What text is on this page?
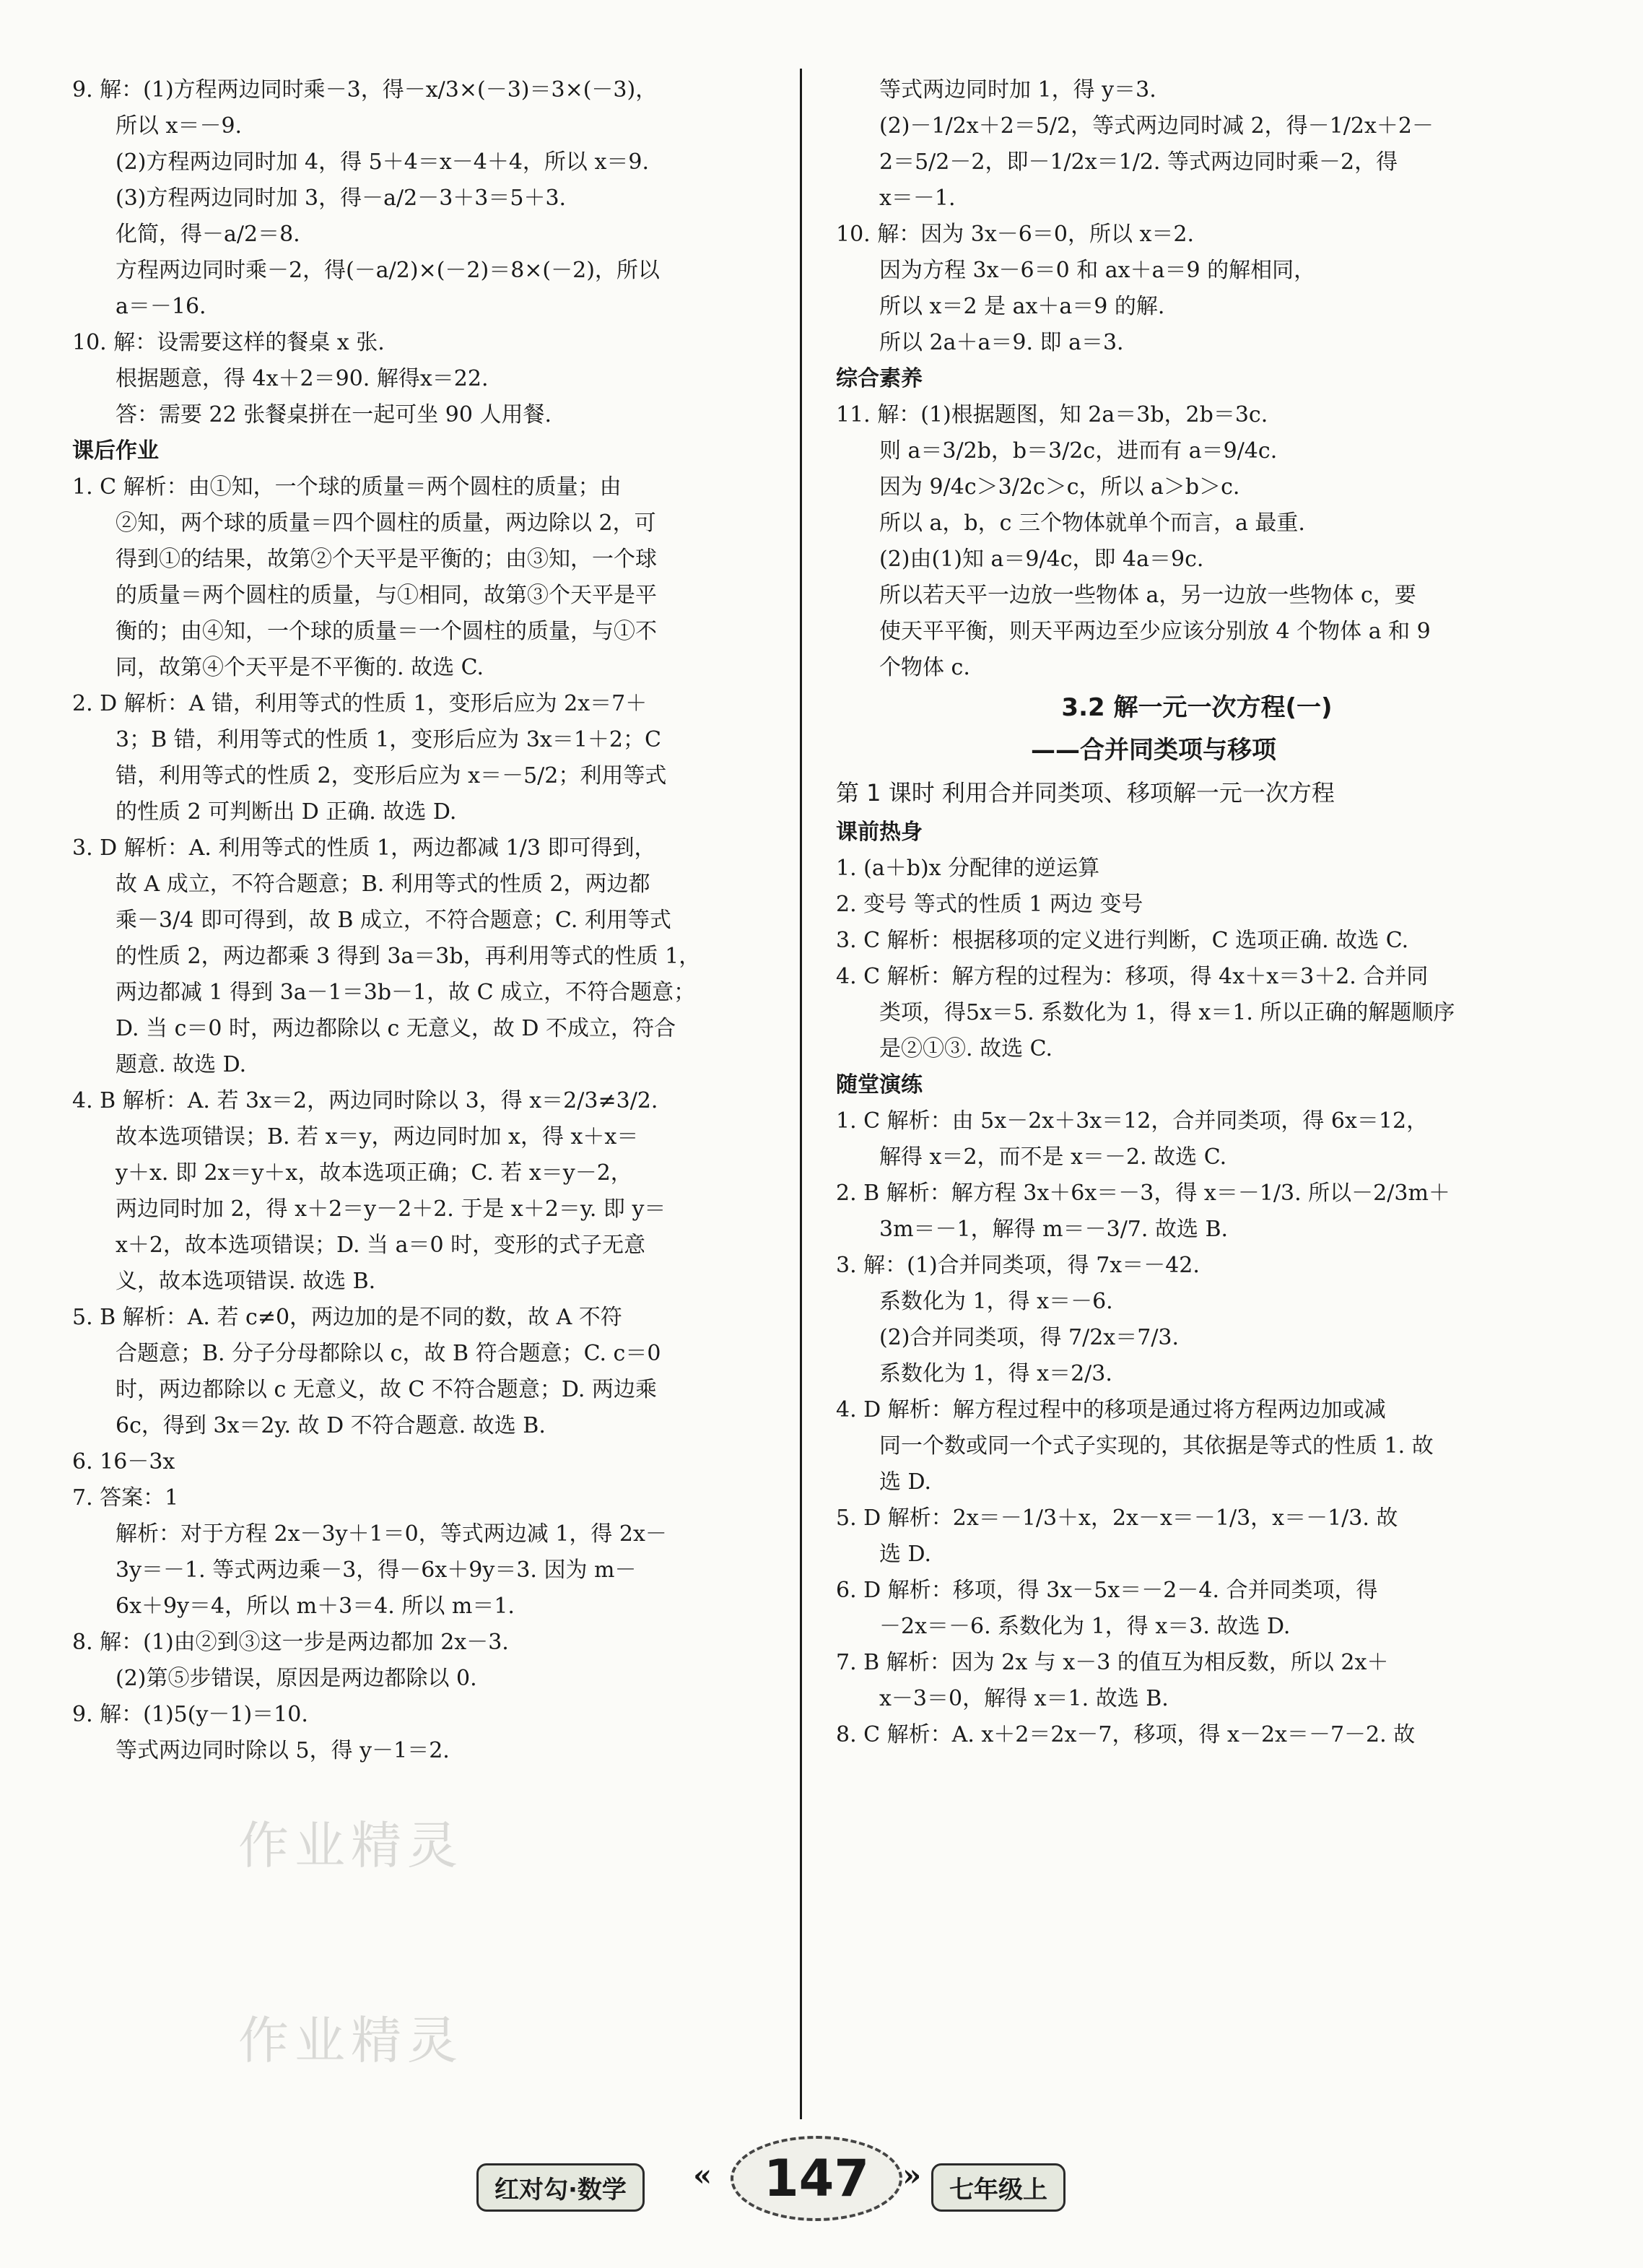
9. 解：(1)方程两边同时乘－3，得－x/3×(－3)＝3×(－3)，
所以 x＝－9.
(2)方程两边同时加 4，得 5＋4＝x－4＋4，所以 x＝9.
(3)方程两边同时加 3，得－a/2－3＋3＝5＋3.
化简，得－a/2＝8.
方程两边同时乘－2，得(－a/2)×(－2)＝8×(－2)，所以
a＝－16.
10. 解：设需要这样的餐桌 x 张.
根据题意，得 4x＋2＝90. 解得x＝22.
答：需要 22 张餐桌拼在一起可坐 90 人用餐.
课后作业
1. C 解析：由①知，一个球的质量＝两个圆柱的质量；由
②知，两个球的质量＝四个圆柱的质量，两边除以 2，可
得到①的结果，故第②个天平是平衡的；由③知，一个球
的质量＝两个圆柱的质量，与①相同，故第③个天平是平
衡的；由④知，一个球的质量＝一个圆柱的质量，与①不
同，故第④个天平是不平衡的. 故选 C.
2. D 解析：A 错，利用等式的性质 1，变形后应为 2x＝7＋
3；B 错，利用等式的性质 1，变形后应为 3x＝1＋2；C
错，利用等式的性质 2，变形后应为 x＝－5/2；利用等式
的性质 2 可判断出 D 正确. 故选 D.
3. D 解析：A. 利用等式的性质 1，两边都减 1/3 即可得到，
故 A 成立，不符合题意；B. 利用等式的性质 2，两边都
乘－3/4 即可得到，故 B 成立，不符合题意；C. 利用等式
的性质 2，两边都乘 3 得到 3a＝3b，再利用等式的性质 1，
两边都减 1 得到 3a－1＝3b－1，故 C 成立，不符合题意；
D. 当 c＝0 时，两边都除以 c 无意义，故 D 不成立，符合
题意. 故选 D.
4. B 解析：A. 若 3x＝2，两边同时除以 3，得 x＝2/3≠3/2.
故本选项错误；B. 若 x＝y，两边同时加 x，得 x＋x＝
y＋x. 即 2x＝y＋x，故本选项正确；C. 若 x＝y－2，
两边同时加 2，得 x＋2＝y－2＋2. 于是 x＋2＝y. 即 y＝
x＋2，故本选项错误；D. 当 a＝0 时，变形的式子无意
义，故本选项错误. 故选 B.
5. B 解析：A. 若 c≠0，两边加的是不同的数，故 A 不符
合题意；B. 分子分母都除以 c，故 B 符合题意；C. c＝0
时，两边都除以 c 无意义，故 C 不符合题意；D. 两边乘
6c，得到 3x＝2y. 故 D 不符合题意. 故选 B.
6. 16－3x
7. 答案：1
解析：对于方程 2x－3y＋1＝0，等式两边减 1，得 2x－
3y＝－1. 等式两边乘－3，得－6x＋9y＝3. 因为 m－
6x＋9y＝4，所以 m＋3＝4. 所以 m＝1.
8. 解：(1)由②到③这一步是两边都加 2x－3.
(2)第⑤步错误，原因是两边都除以 0.
9. 解：(1)5(y－1)＝10.
等式两边同时除以 5，得 y－1＝2.
等式两边同时加 1，得 y＝3.
(2)－1/2x＋2＝5/2，等式两边同时减 2，得－1/2x＋2－
2＝5/2－2，即－1/2x＝1/2. 等式两边同时乘－2，得
x＝－1.
10. 解：因为 3x－6＝0，所以 x＝2.
因为方程 3x－6＝0 和 ax＋a＝9 的解相同，
所以 x＝2 是 ax＋a＝9 的解.
所以 2a＋a＝9. 即 a＝3.
综合素养
11. 解：(1)根据题图，知 2a＝3b，2b＝3c.
则 a＝3/2b，b＝3/2c，进而有 a＝9/4c.
因为 9/4c＞3/2c＞c，所以 a＞b＞c.
所以 a，b，c 三个物体就单个而言，a 最重.
(2)由(1)知 a＝9/4c，即 4a＝9c.
所以若天平一边放一些物体 a，另一边放一些物体 c，要
使天平平衡，则天平两边至少应该分别放 4 个物体 a 和 9
个物体 c.
3.2 解一元一次方程(一)
——合并同类项与移项
第 1 课时 利用合并同类项、移项解一元一次方程
课前热身
1. (a＋b)x 分配律的逆运算
2. 变号 等式的性质 1 两边 变号
3. C 解析：根据移项的定义进行判断，C 选项正确. 故选 C.
4. C 解析：解方程的过程为：移项，得 4x＋x＝3＋2. 合并同
类项，得5x＝5. 系数化为 1，得 x＝1. 所以正确的解题顺序
是②①③. 故选 C.
随堂演练
1. C 解析：由 5x－2x＋3x＝12，合并同类项，得 6x＝12，
解得 x＝2，而不是 x＝－2. 故选 C.
2. B 解析：解方程 3x＋6x＝－3，得 x＝－1/3. 所以－2/3m＋
3m＝－1，解得 m＝－3/7. 故选 B.
3. 解：(1)合并同类项，得 7x＝－42.
系数化为 1，得 x＝－6.
(2)合并同类项，得 7/2x＝7/3.
系数化为 1，得 x＝2/3.
4. D 解析：解方程过程中的移项是通过将方程两边加或减
同一个数或同一个式子实现的，其依据是等式的性质 1. 故
选 D.
5. D 解析：2x＝－1/3＋x，2x－x＝－1/3，x＝－1/3. 故
选 D.
6. D 解析：移项，得 3x－5x＝－2－4. 合并同类项，得
－2x＝－6. 系数化为 1，得 x＝3. 故选 D.
7. B 解析：因为 2x 与 x－3 的值互为相反数，所以 2x＋
x－3＝0，解得 x＝1. 故选 B.
8. C 解析：A. x＋2＝2x－7，移项，得 x－2x＝－7－2. 故
作业精灵
作业精灵
红对勾·数学	«	147	»	七年级上
